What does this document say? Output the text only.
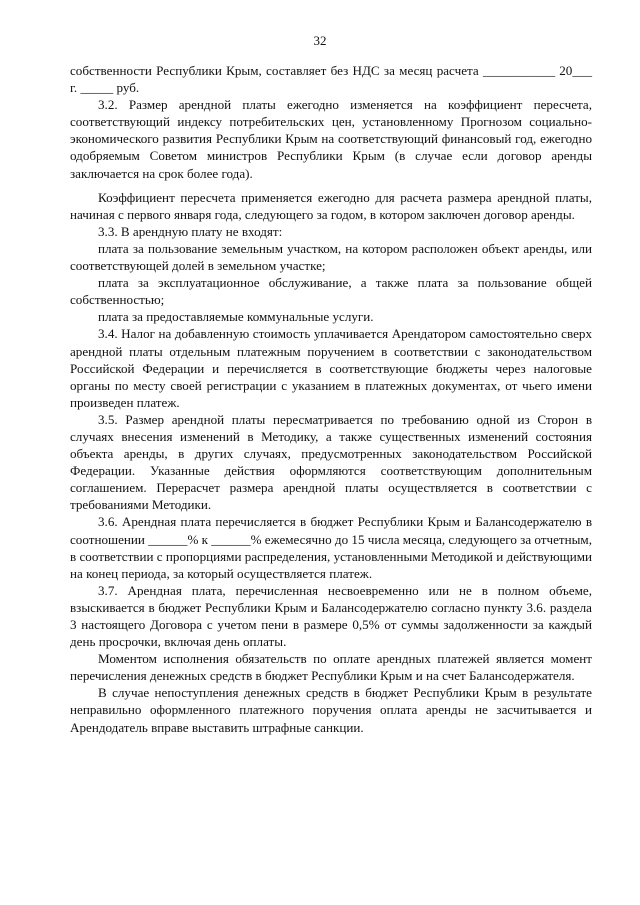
32

собственности Республики Крым, составляет без НДС за месяц расчета ___________ 20___ г. _____ руб.

3.2. Размер арендной платы ежегодно изменяется на коэффициент пересчета, соответствующий индексу потребительских цен, установленному Прогнозом социально-экономического развития Республики Крым на соответствующий финансовый год, ежегодно одобряемым Советом министров Республики Крым (в случае если договор аренды заключается на срок более года).

Коэффициент пересчета применяется ежегодно для расчета размера арендной платы, начиная с первого января года, следующего за годом, в котором заключен договор аренды.

3.3. В арендную плату не входят:

плата за пользование земельным участком, на котором расположен объект аренды, или соответствующей долей в земельном участке;

плата за эксплуатационное обслуживание, а также плата за пользование общей собственностью;

плата за предоставляемые коммунальные услуги.

3.4. Налог на добавленную стоимость уплачивается Арендатором самостоятельно сверх арендной платы отдельным платежным поручением в соответствии с законодательством Российской Федерации и перечисляется в соответствующие бюджеты через налоговые органы по месту своей регистрации с указанием в платежных документах, от чьего имени произведен платеж.

3.5. Размер арендной платы пересматривается по требованию одной из Сторон в случаях внесения изменений в Методику, а также существенных изменений состояния объекта аренды, в других случаях, предусмотренных законодательством Российской Федерации. Указанные действия оформляются соответствующим дополнительным соглашением. Перерасчет размера арендной платы осуществляется в соответствии с требованиями Методики.

3.6. Арендная плата перечисляется в бюджет Республики Крым и Балансодержателю в соотношении ______% к ______% ежемесячно до 15 числа месяца, следующего за отчетным, в соответствии с пропорциями распределения, установленными Методикой и действующими на конец периода, за который осуществляется платеж.

3.7. Арендная плата, перечисленная несвоевременно или не в полном объеме, взыскивается в бюджет Республики Крым и Балансодержателю согласно пункту 3.6. раздела 3 настоящего Договора с учетом пени в размере 0,5% от суммы задолженности за каждый день просрочки, включая день оплаты.

Моментом исполнения обязательств по оплате арендных платежей является момент перечисления денежных средств в бюджет Республики Крым и на счет Балансодержателя.

В случае непоступления денежных средств в бюджет Республики Крым в результате неправильно оформленного платежного поручения оплата аренды не засчитывается и Арендодатель вправе выставить штрафные санкции.
